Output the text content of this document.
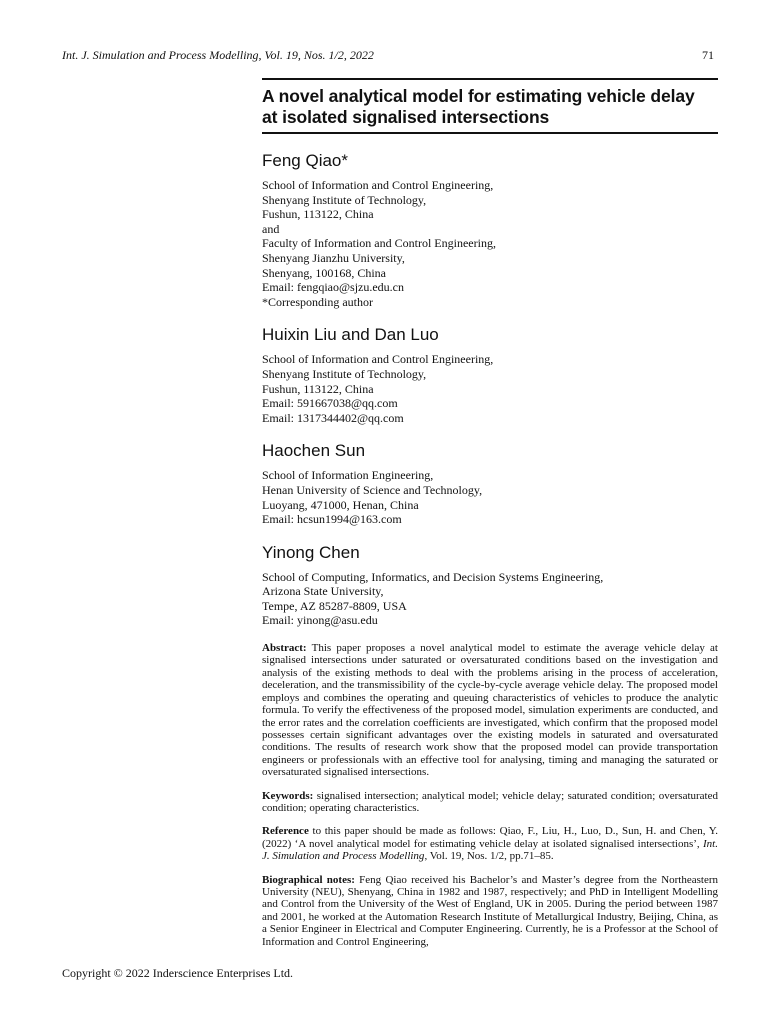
Int. J. Simulation and Process Modelling, Vol. 19, Nos. 1/2, 2022	71
A novel analytical model for estimating vehicle delay
at isolated signalised intersections
Feng Qiao*
School of Information and Control Engineering,
Shenyang Institute of Technology,
Fushun, 113122, China
and
Faculty of Information and Control Engineering,
Shenyang Jianzhu University,
Shenyang, 100168, China
Email: fengqiao@sjzu.edu.cn
*Corresponding author
Huixin Liu and Dan Luo
School of Information and Control Engineering,
Shenyang Institute of Technology,
Fushun, 113122, China
Email: 591667038@qq.com
Email: 1317344402@qq.com
Haochen Sun
School of Information Engineering,
Henan University of Science and Technology,
Luoyang, 471000, Henan, China
Email: hcsun1994@163.com
Yinong Chen
School of Computing, Informatics, and Decision Systems Engineering,
Arizona State University,
Tempe, AZ 85287-8809, USA
Email: yinong@asu.edu

Abstract: This paper proposes a novel analytical model to estimate the average vehicle delay at signalised intersections under saturated or oversaturated conditions based on the investigation and analysis of the existing methods to deal with the problems arising in the process of acceleration, deceleration, and the transmissibility of the cycle-by-cycle average vehicle delay. The proposed model employs and combines the operating and queuing characteristics of vehicles to produce the analytic formula. To verify the effectiveness of the proposed model, simulation experiments are conducted, and the error rates and the correlation coefficients are investigated, which confirm that the proposed model possesses certain significant advantages over the existing models in saturated and oversaturated conditions. The results of research work show that the proposed model can provide transportation engineers or professionals with an effective tool for analysing, timing and managing the saturated or oversaturated signalised intersections.

Keywords: signalised intersection; analytical model; vehicle delay; saturated condition; oversaturated condition; operating characteristics.

Reference to this paper should be made as follows: Qiao, F., Liu, H., Luo, D., Sun, H. and Chen, Y. (2022) ‘A novel analytical model for estimating vehicle delay at isolated signalised intersections’, Int. J. Simulation and Process Modelling, Vol. 19, Nos. 1/2, pp.71–85.

Biographical notes: Feng Qiao received his Bachelor’s and Master’s degree from the Northeastern University (NEU), Shenyang, China in 1982 and 1987, respectively; and PhD in Intelligent Modelling and Control from the University of the West of England, UK in 2005. During the period between 1987 and 2001, he worked at the Automation Research Institute of Metallurgical Industry, Beijing, China, as a Senior Engineer in Electrical and Computer Engineering. Currently, he is a Professor at the School of Information and Control Engineering,

Copyright © 2022 Inderscience Enterprises Ltd.
